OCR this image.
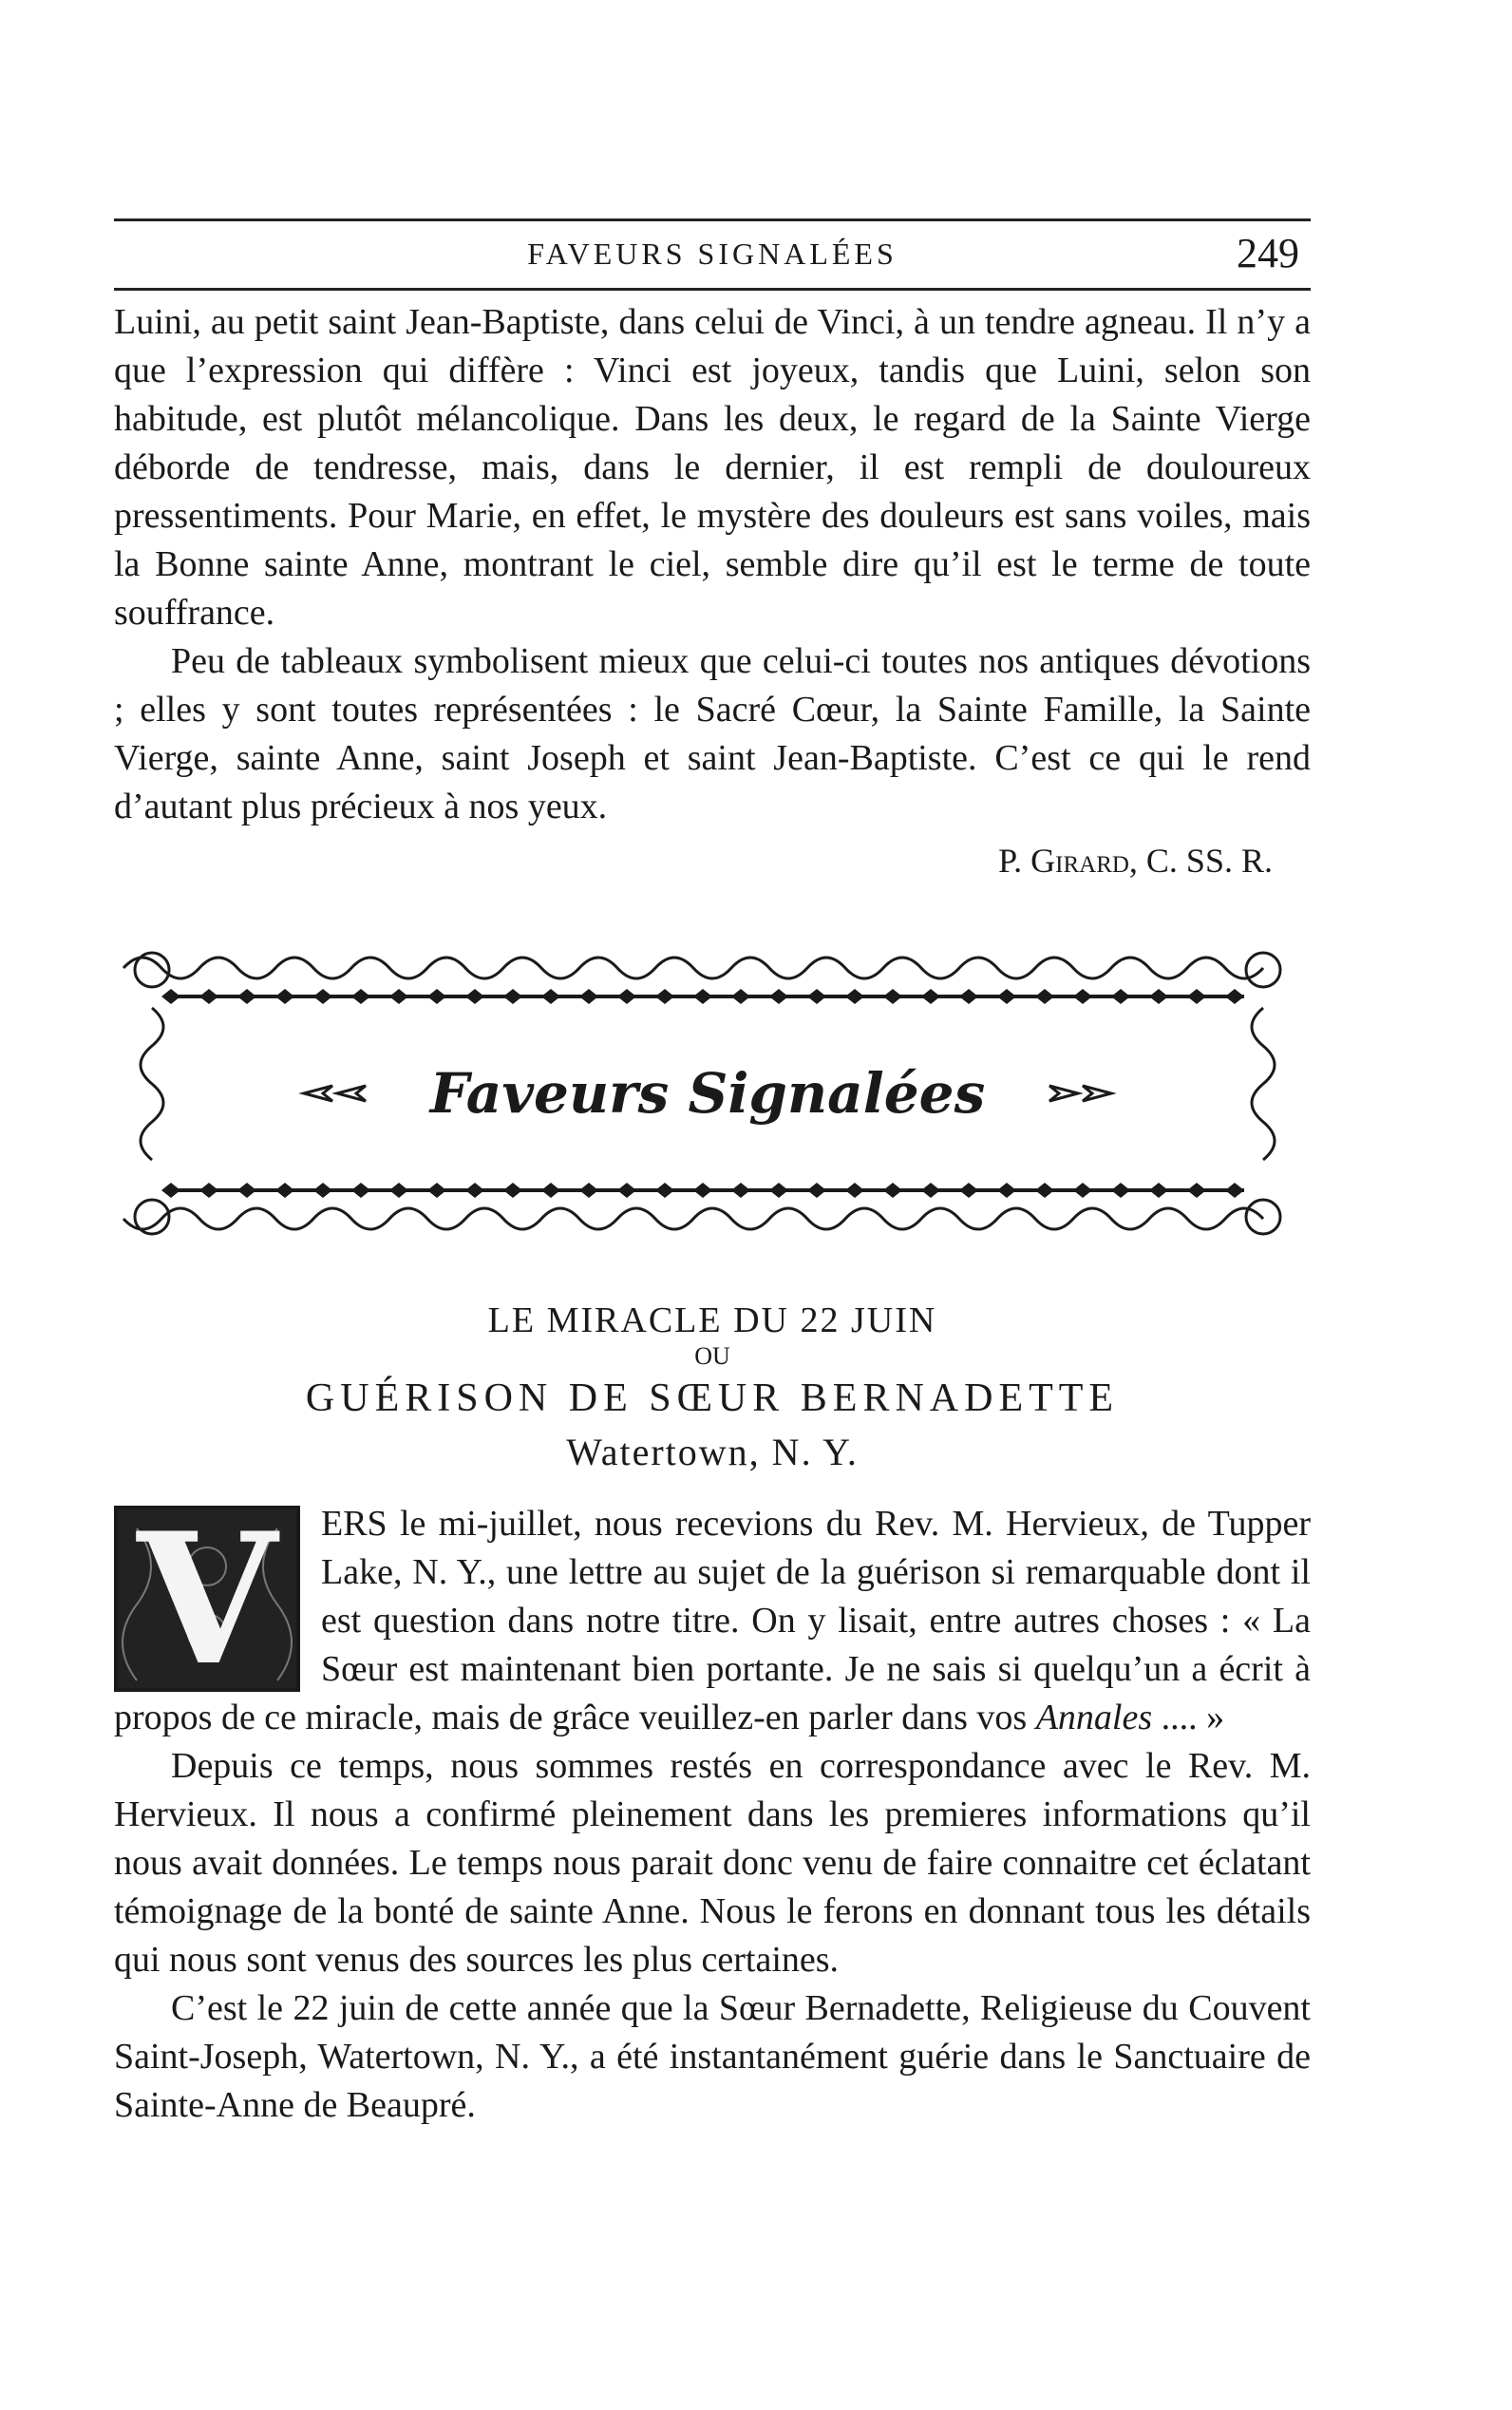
FAVEURS SIGNALÉES	249

Luini, au petit saint Jean-Baptiste, dans celui de Vinci, à un tendre agneau. Il n’y a que l’expression qui diffère : Vinci est joyeux, tandis que Luini, selon son habitude, est plutôt mélancolique. Dans les deux, le regard de la Sainte Vierge déborde de tendresse, mais, dans le dernier, il est rempli de douloureux pressentiments. Pour Marie, en effet, le mystère des douleurs est sans voiles, mais la Bonne sainte Anne, montrant le ciel, semble dire qu’il est le terme de toute souffrance.

Peu de tableaux symbolisent mieux que celui-ci toutes nos antiques dévotions ; elles y sont toutes représentées : le Sacré Cœur, la Sainte Famille, la Sainte Vierge, sainte Anne, saint Joseph et saint Jean-Baptiste. C’est ce qui le rend d’autant plus précieux à nos yeux.

P. Girard, C. SS. R.
Faveurs Signalées
LE MIRACLE DU 22 JUIN
OU
GUÉRISON DE SŒUR BERNADETTE
Watertown, N. Y.
V	ERS le mi-juillet, nous recevions du Rev. M. Hervieux, de Tupper Lake, N. Y., une lettre au sujet de la guérison si remarquable dont il est question dans notre titre. On y lisait, entre autres choses : « La Sœur est maintenant bien portante. Je ne sais si quelqu’un a écrit à propos de ce miracle, mais de grâce veuillez-en parler dans vos Annales .... »

Depuis ce temps, nous sommes restés en correspondance avec le Rev. M. Hervieux. Il nous a confirmé pleinement dans les premieres informations qu’il nous avait données. Le temps nous parait donc venu de faire connaitre cet éclatant témoignage de la bonté de sainte Anne. Nous le ferons en donnant tous les détails qui nous sont venus des sources les plus certaines.

C’est le 22 juin de cette année que la Sœur Bernadette, Religieuse du Couvent Saint-Joseph, Watertown, N. Y., a été instantanément guérie dans le Sanctuaire de Sainte-Anne de Beaupré.
